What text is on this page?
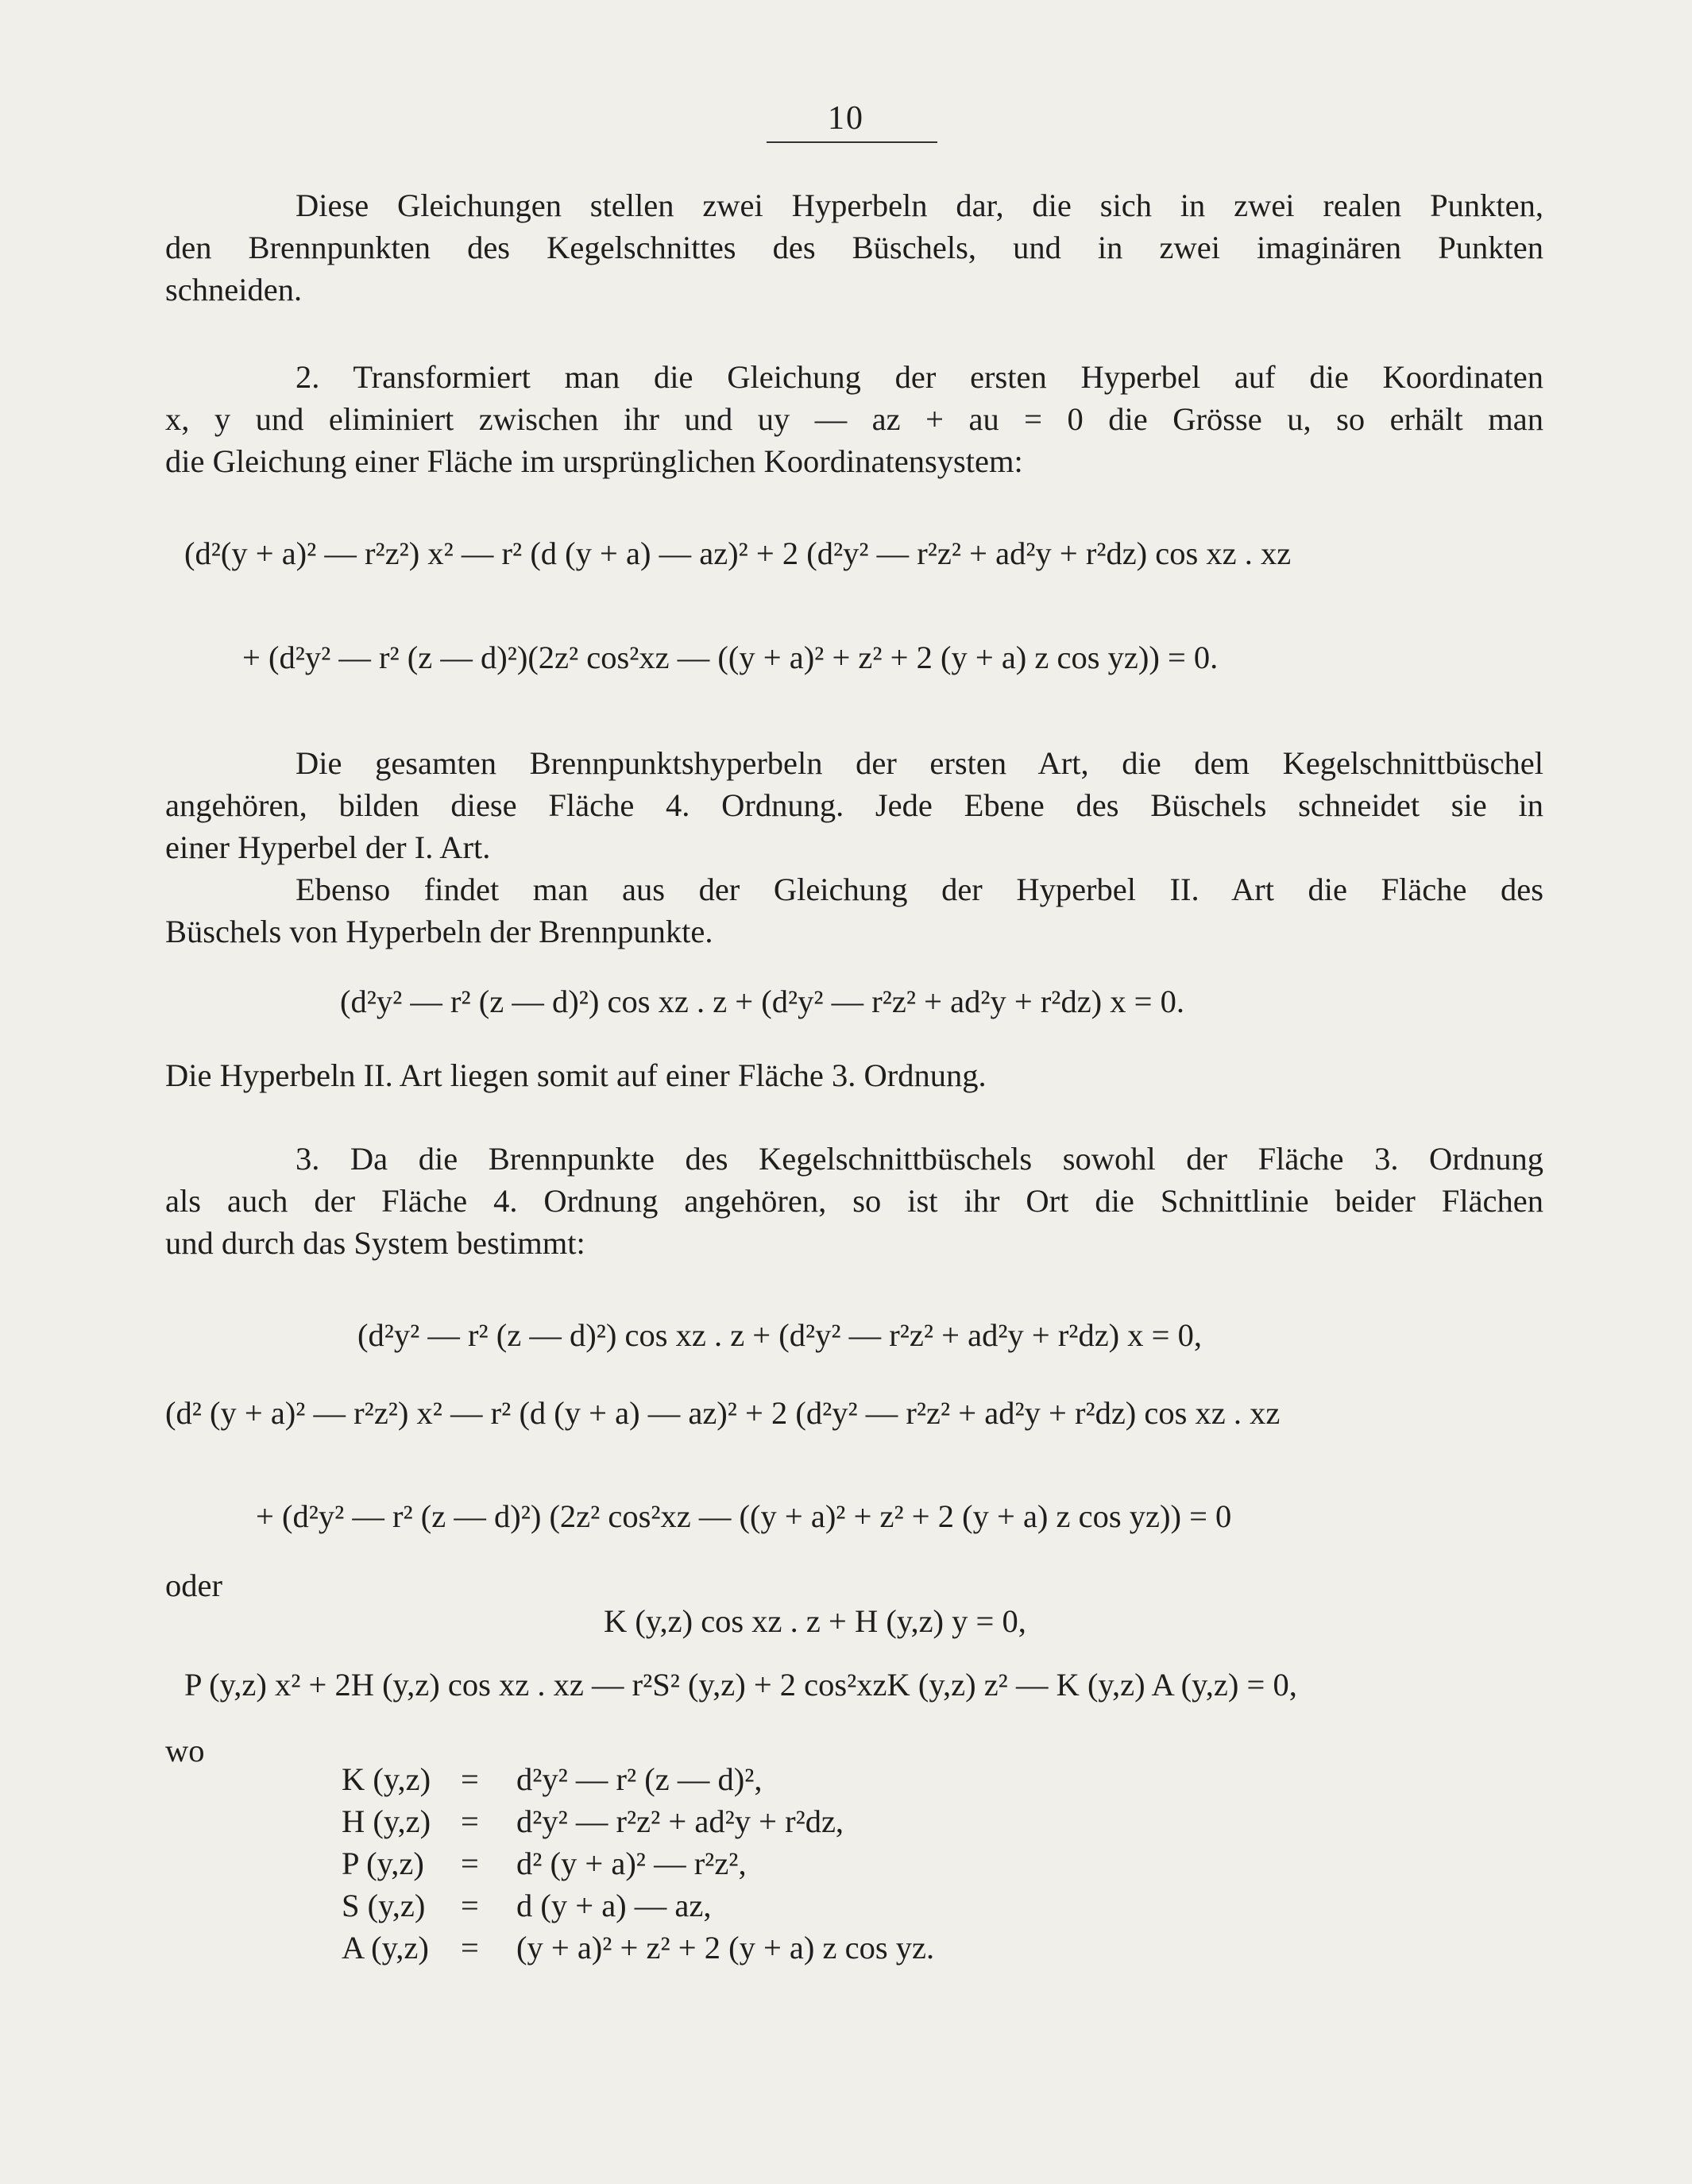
10
Diese Gleichungen stellen zwei Hyperbeln dar, die sich in zwei realen Punkten,
den Brennpunkten des Kegelschnittes des Büschels, und in zwei imaginären Punkten
schneiden.
2. Transformiert man die Gleichung der ersten Hyperbel auf die Koordinaten
x, y und eliminiert zwischen ihr und uy — az + au = 0 die Grösse u, so erhält man
die Gleichung einer Fläche im ursprünglichen Koordinatensystem:
(d²(y + a)² — r²z²) x² — r² (d (y + a) — az)² + 2 (d²y² — r²z² + ad²y + r²dz) cos xz . xz
+ (d²y² — r² (z — d)²)(2z² cos²xz — ((y + a)² + z² + 2 (y + a) z cos yz)) = 0.
Die gesamten Brennpunktshyperbeln der ersten Art, die dem Kegelschnittbüschel
angehören, bilden diese Fläche 4. Ordnung. Jede Ebene des Büschels schneidet sie in
einer Hyperbel der I. Art.
Ebenso findet man aus der Gleichung der Hyperbel II. Art die Fläche des
Büschels von Hyperbeln der Brennpunkte.
(d²y² — r² (z — d)²) cos xz . z + (d²y² — r²z² + ad²y + r²dz) x = 0.
Die Hyperbeln II. Art liegen somit auf einer Fläche 3. Ordnung.
3. Da die Brennpunkte des Kegelschnittbüschels sowohl der Fläche 3. Ordnung
als auch der Fläche 4. Ordnung angehören, so ist ihr Ort die Schnittlinie beider Flächen
und durch das System bestimmt:
(d²y² — r² (z — d)²) cos xz . z + (d²y² — r²z² + ad²y + r²dz) x = 0,
(d² (y + a)² — r²z²) x² — r² (d (y + a) — az)² + 2 (d²y² — r²z² + ad²y + r²dz) cos xz . xz
+ (d²y² — r² (z — d)²) (2z² cos²xz — ((y + a)² + z² + 2 (y + a) z cos yz)) = 0
oder
K (y,z) cos xz . z + H (y,z) y = 0,
P (y,z) x² + 2H (y,z) cos xz . xz — r²S² (y,z) + 2 cos²xzK (y,z) z² — K (y,z) A (y,z) = 0,
wo
K (y,z) =	d²y² — r² (z — d)²,
H (y,z) =	d²y² — r²z² + ad²y + r²dz,
P (y,z)	=	d² (y + a)² — r²z²,
S (y,z)	=	d (y + a) — az,
A (y,z) =	(y + a)² + z² + 2 (y + a) z cos yz.
